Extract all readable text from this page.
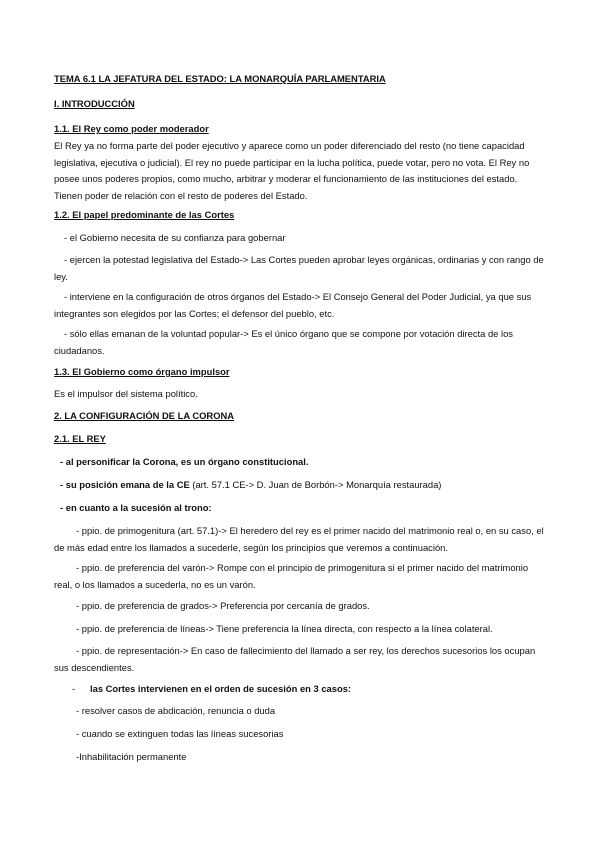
TEMA 6.1 LA JEFATURA DEL ESTADO: LA MONARQUÍA PARLAMENTARIA

I. INTRODUCCIÓN

1.1. El Rey como poder moderador

El Rey ya no forma parte del poder ejecutivo y aparece como un poder diferenciado del resto (no tiene capacidad legislativa, ejecutiva o judicial). El rey no puede participar en la lucha política, puede votar, pero no vota. El Rey no posee unos poderes propios, como mucho, arbitrar y moderar el funcionamiento de las instituciones del estado. Tienen poder de relación con el resto de poderes del Estado.

1.2. El papel predominante de las Cortes

- el Gobierno necesita de su confianza para gobernar

- ejercen la potestad legislativa del Estado-> Las Cortes pueden aprobar leyes orgánicas, ordinarias y con rango de ley.

- interviene en la configuración de otros órganos del Estado-> El Consejo General del Poder Judicial, ya que sus integrantes son elegidos por las Cortes; el defensor del pueblo, etc.

- sólo ellas emanan de la voluntad popular-> Es el único órgano que se compone por votación directa de los ciudadanos.

1.3. El Gobierno como órgano impulsor

Es el impulsor del sistema político.

2. LA CONFIGURACIÓN DE LA CORONA

2.1. EL REY

- al personificar la Corona, es un órgano constitucional.

- su posición emana de la CE (art. 57.1 CE-> D. Juan de Borbón-> Monarquía restaurada)

- en cuanto a la sucesión al trono:

- ppio. de primogenitura (art. 57.1)-> El heredero del rey es el primer nacido del matrimonio real o, en su caso, el de más edad entre los llamados a sucederle, según los principios que veremos a continuación.

- ppio. de preferencia del varón-> Rompe con el principio de primogenitura si el primer nacido del matrimonio real, o los llamados a sucederla, no es un varón.

- ppio. de preferencia de grados-> Preferencia por cercanía de grados.

- ppio. de preferencia de líneas-> Tiene preferencia la línea directa, con respecto a la línea colateral.

- ppio. de representación-> En caso de fallecimiento del llamado a ser rey, los derechos sucesorios los ocupan sus descendientes.

-	las Cortes intervienen en el orden de sucesión en 3 casos:

- resolver casos de abdicación, renuncia o duda

- cuando se extinguen todas las líneas sucesorias

-Inhabilitación permanente
